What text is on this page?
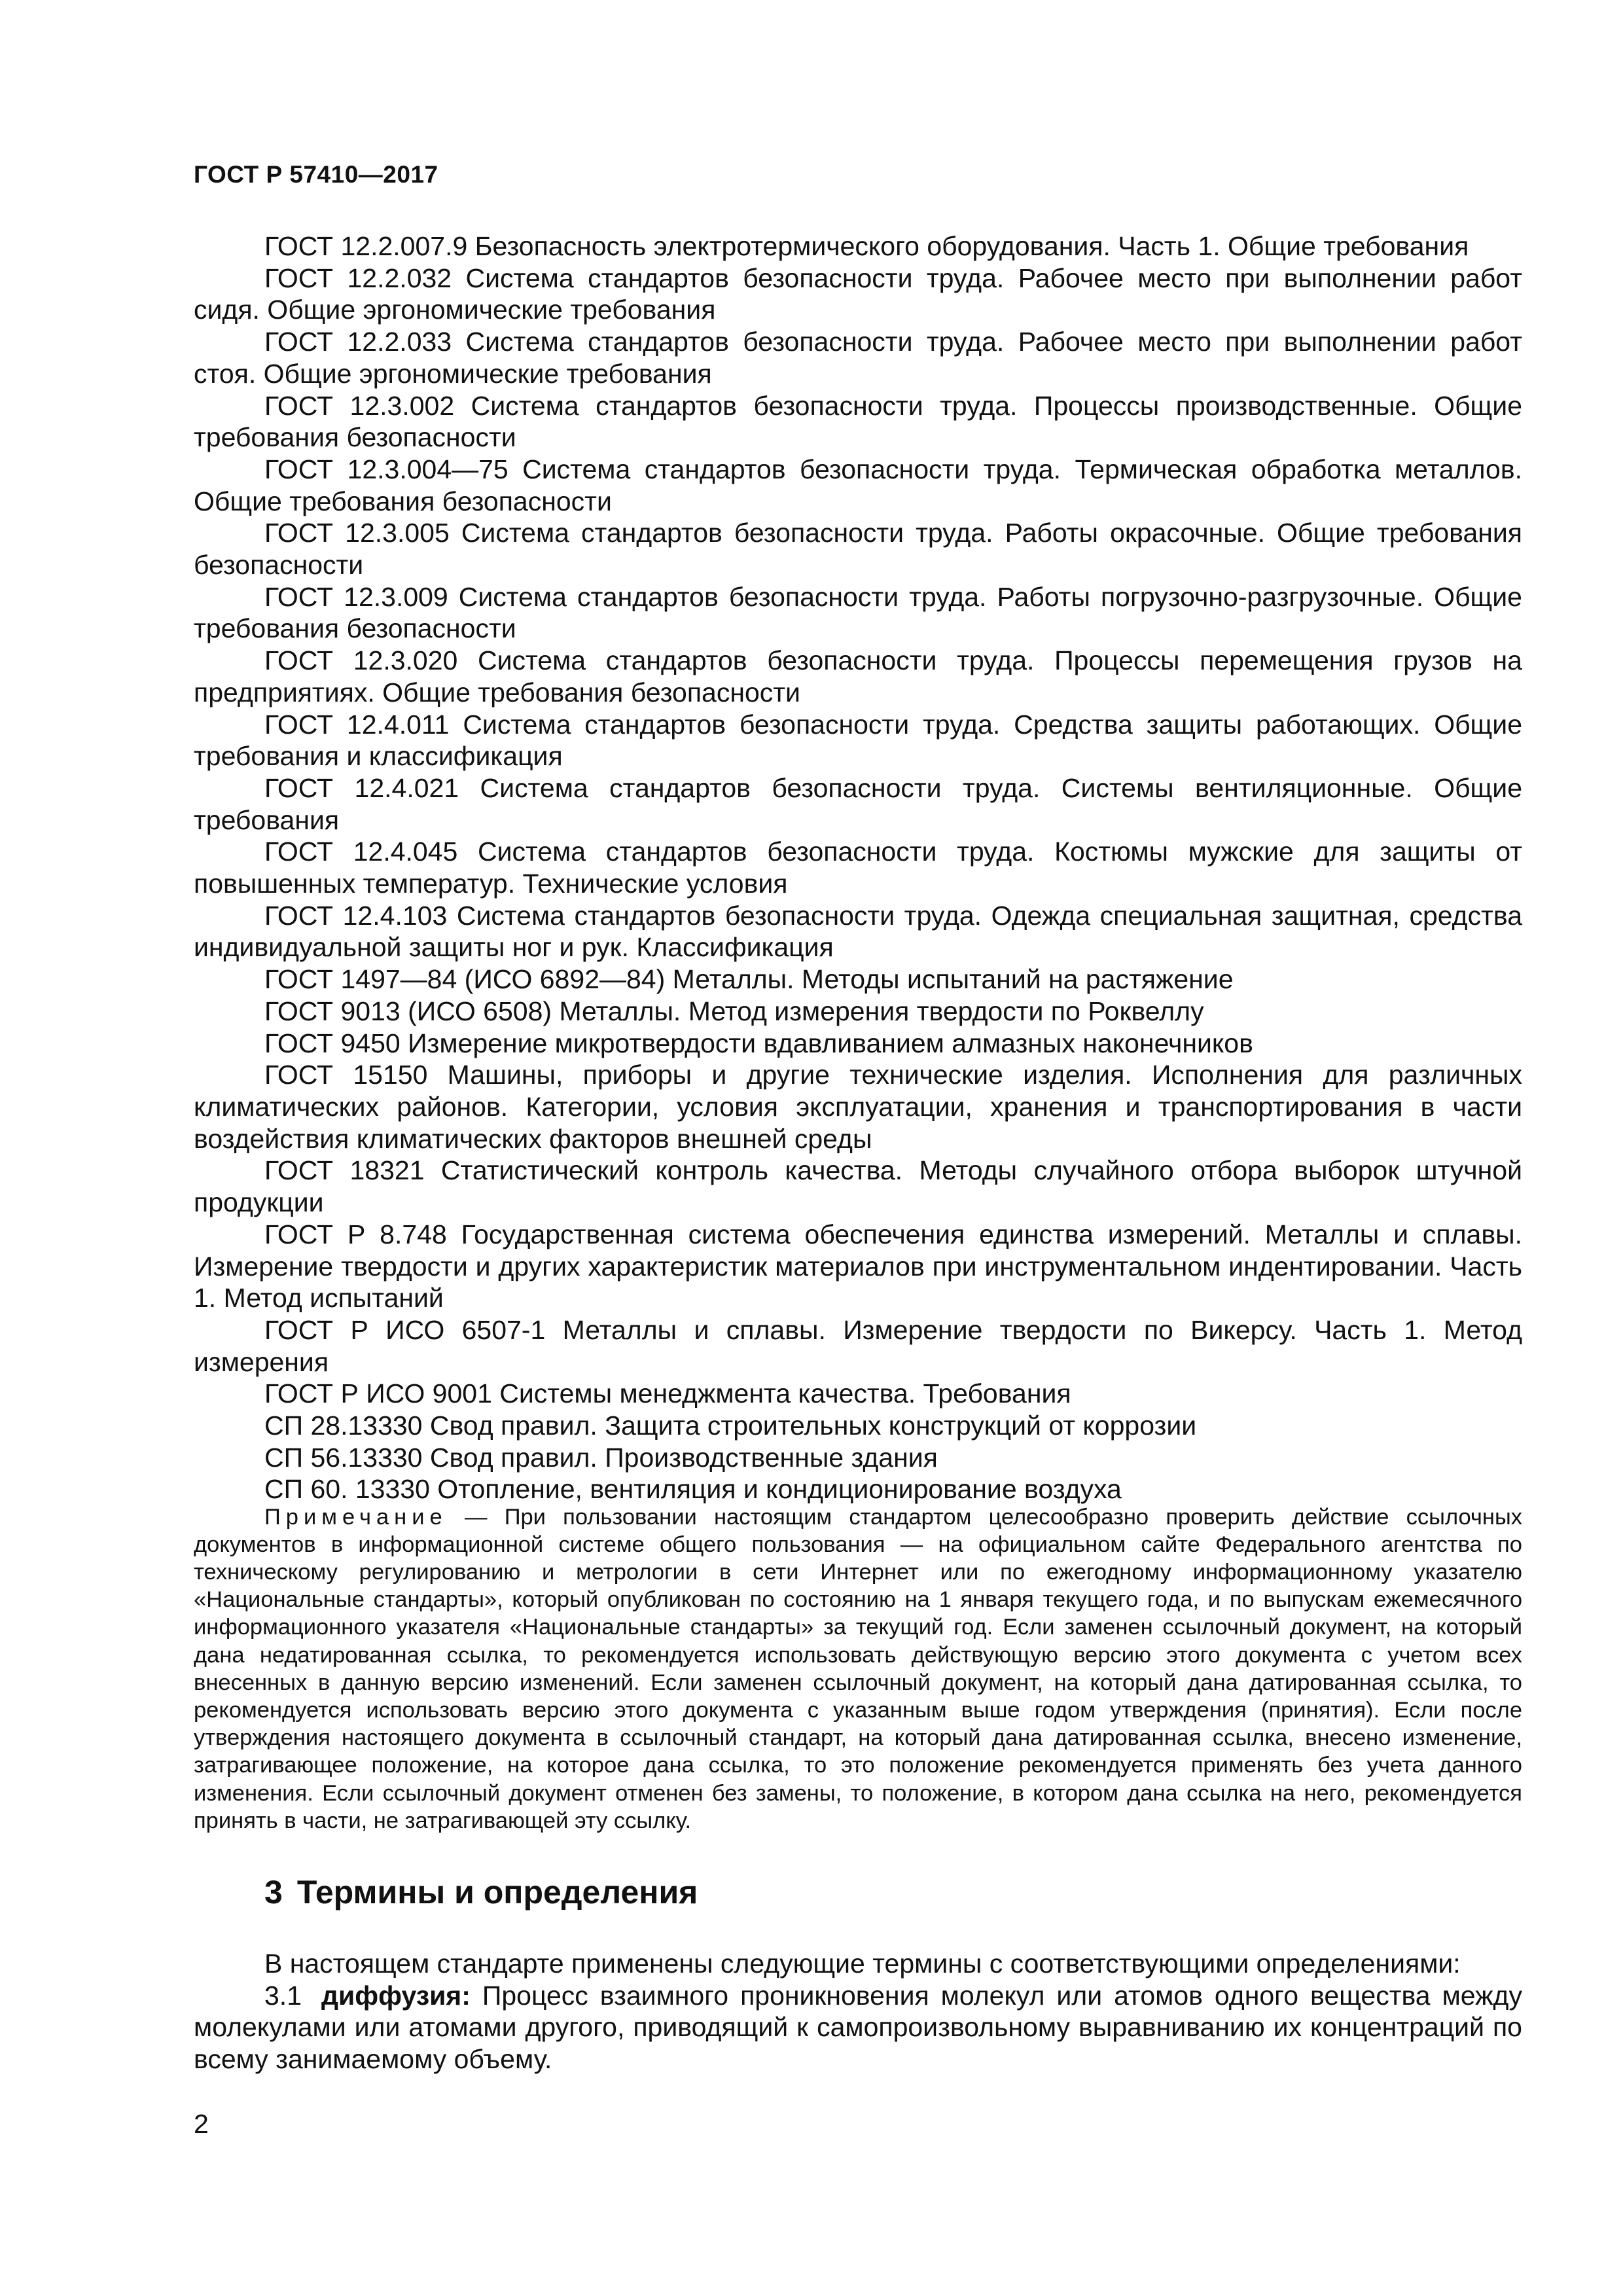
ГОСТ Р 57410—2017

ГОСТ 12.2.007.9 Безопасность электротермического оборудования. Часть 1. Общие требования

ГОСТ 12.2.032 Система стандартов безопасности труда. Рабочее место при выполнении работ сидя. Общие эргономические требования

ГОСТ 12.2.033 Система стандартов безопасности труда. Рабочее место при выполнении работ стоя. Общие эргономические требования

ГОСТ 12.3.002 Система стандартов безопасности труда. Процессы производственные. Общие требования безопасности

ГОСТ 12.3.004—75 Система стандартов безопасности труда. Термическая обработка металлов. Общие требования безопасности

ГОСТ 12.3.005 Система стандартов безопасности труда. Работы окрасочные. Общие требования безопасности

ГОСТ 12.3.009 Система стандартов безопасности труда. Работы погрузочно-разгрузочные. Общие требования безопасности

ГОСТ 12.3.020 Система стандартов безопасности труда. Процессы перемещения грузов на предприятиях. Общие требования безопасности

ГОСТ 12.4.011 Система стандартов безопасности труда. Средства защиты работающих. Общие требования и классификация

ГОСТ 12.4.021 Система стандартов безопасности труда. Системы вентиляционные. Общие требования

ГОСТ 12.4.045 Система стандартов безопасности труда. Костюмы мужские для защиты от повышенных температур. Технические условия

ГОСТ 12.4.103 Система стандартов безопасности труда. Одежда специальная защитная, средства индивидуальной защиты ног и рук. Классификация

ГОСТ 1497—84 (ИСО 6892—84) Металлы. Методы испытаний на растяжение

ГОСТ 9013 (ИСО 6508) Металлы. Метод измерения твердости по Роквеллу

ГОСТ 9450 Измерение микротвердости вдавливанием алмазных наконечников

ГОСТ 15150 Машины, приборы и другие технические изделия. Исполнения для различных климатических районов. Категории, условия эксплуатации, хранения и транспортирования в части воздействия климатических факторов внешней среды

ГОСТ 18321 Статистический контроль качества. Методы случайного отбора выборок штучной продукции

ГОСТ Р 8.748 Государственная система обеспечения единства измерений. Металлы и сплавы. Измерение твердости и других характеристик материалов при инструментальном индентировании. Часть 1. Метод испытаний

ГОСТ Р ИСО 6507-1 Металлы и сплавы. Измерение твердости по Викерсу. Часть 1. Метод измерения

ГОСТ Р ИСО 9001 Системы менеджмента качества. Требования

СП 28.13330 Свод правил. Защита строительных конструкций от коррозии

СП 56.13330 Свод правил. Производственные здания

СП 60. 13330 Отопление, вентиляция и кондиционирование воздуха

Примечание — При пользовании настоящим стандартом целесообразно проверить действие ссылочных документов в информационной системе общего пользования — на официальном сайте Федерального агентства по техническому регулированию и метрологии в сети Интернет или по ежегодному информационному указателю «Национальные стандарты», который опубликован по состоянию на 1 января текущего года, и по выпускам ежемесячного информационного указателя «Национальные стандарты» за текущий год. Если заменен ссылочный документ, на который дана недатированная ссылка, то рекомендуется использовать действующую версию этого документа с учетом всех внесенных в данную версию изменений. Если заменен ссылочный документ, на который дана датированная ссылка, то рекомендуется использовать версию этого документа с указанным выше годом утверждения (принятия). Если после утверждения настоящего документа в ссылочный стандарт, на который дана датированная ссылка, внесено изменение, затрагивающее положение, на которое дана ссылка, то это положение рекомендуется применять без учета данного изменения. Если ссылочный документ отменен без замены, то положение, в котором дана ссылка на него, рекомендуется принять в части, не затрагивающей эту ссылку.

3 Термины и определения

В настоящем стандарте применены следующие термины с соответствующими определениями:

3.1 диффузия: Процесс взаимного проникновения молекул или атомов одного вещества между молекулами или атомами другого, приводящий к самопроизвольному выравниванию их концентраций по всему занимаемому объему.

2
